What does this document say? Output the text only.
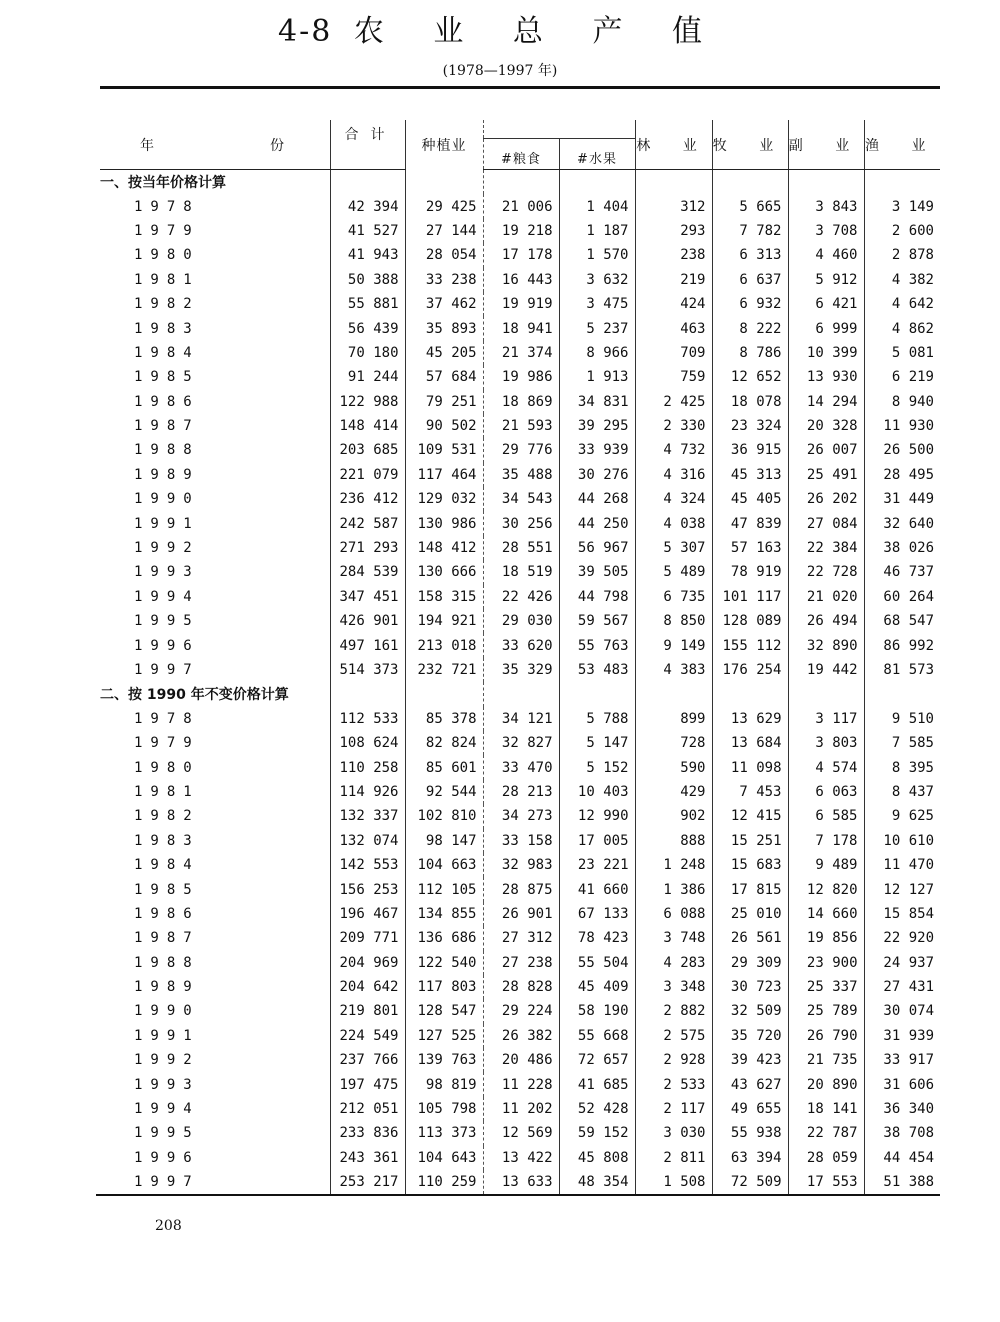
4-8 农 业 总 产 值
(1978—1997 年)
年 份	合计	种植业			林 业	牧 业	副 业	渔 业
			#粮食	#水果				
一、按当年价格计算								
1978	42 394	29 425	21 006	1 404	312	5 665	3 843	3 149
1979	41 527	27 144	19 218	1 187	293	7 782	3 708	2 600
1980	41 943	28 054	17 178	1 570	238	6 313	4 460	2 878
1981	50 388	33 238	16 443	3 632	219	6 637	5 912	4 382
1982	55 881	37 462	19 919	3 475	424	6 932	6 421	4 642
1983	56 439	35 893	18 941	5 237	463	8 222	6 999	4 862
1984	70 180	45 205	21 374	8 966	709	8 786	10 399	5 081
1985	91 244	57 684	19 986	1 913	759	12 652	13 930	6 219
1986	122 988	79 251	18 869	34 831	2 425	18 078	14 294	8 940
1987	148 414	90 502	21 593	39 295	2 330	23 324	20 328	11 930
1988	203 685	109 531	29 776	33 939	4 732	36 915	26 007	26 500
1989	221 079	117 464	35 488	30 276	4 316	45 313	25 491	28 495
1990	236 412	129 032	34 543	44 268	4 324	45 405	26 202	31 449
1991	242 587	130 986	30 256	44 250	4 038	47 839	27 084	32 640
1992	271 293	148 412	28 551	56 967	5 307	57 163	22 384	38 026
1993	284 539	130 666	18 519	39 505	5 489	78 919	22 728	46 737
1994	347 451	158 315	22 426	44 798	6 735	101 117	21 020	60 264
1995	426 901	194 921	29 030	59 567	8 850	128 089	26 494	68 547
1996	497 161	213 018	33 620	55 763	9 149	155 112	32 890	86 992
1997	514 373	232 721	35 329	53 483	4 383	176 254	19 442	81 573
二、按 1990 年不变价格计算								
1978	112 533	85 378	34 121	5 788	899	13 629	3 117	9 510
1979	108 624	82 824	32 827	5 147	728	13 684	3 803	7 585
1980	110 258	85 601	33 470	5 152	590	11 098	4 574	8 395
1981	114 926	92 544	28 213	10 403	429	7 453	6 063	8 437
1982	132 337	102 810	34 273	12 990	902	12 415	6 585	9 625
1983	132 074	98 147	33 158	17 005	888	15 251	7 178	10 610
1984	142 553	104 663	32 983	23 221	1 248	15 683	9 489	11 470
1985	156 253	112 105	28 875	41 660	1 386	17 815	12 820	12 127
1986	196 467	134 855	26 901	67 133	6 088	25 010	14 660	15 854
1987	209 771	136 686	27 312	78 423	3 748	26 561	19 856	22 920
1988	204 969	122 540	27 238	55 504	4 283	29 309	23 900	24 937
1989	204 642	117 803	28 828	45 409	3 348	30 723	25 337	27 431
1990	219 801	128 547	29 224	58 190	2 882	32 509	25 789	30 074
1991	224 549	127 525	26 382	55 668	2 575	35 720	26 790	31 939
1992	237 766	139 763	20 486	72 657	2 928	39 423	21 735	33 917
1993	197 475	98 819	11 228	41 685	2 533	43 627	20 890	31 606
1994	212 051	105 798	11 202	52 428	2 117	49 655	18 141	36 340
1995	233 836	113 373	12 569	59 152	3 030	55 938	22 787	38 708
1996	243 361	104 643	13 422	45 808	2 811	63 394	28 059	44 454
1997	253 217	110 259	13 633	48 354	1 508	72 509	17 553	51 388
208
